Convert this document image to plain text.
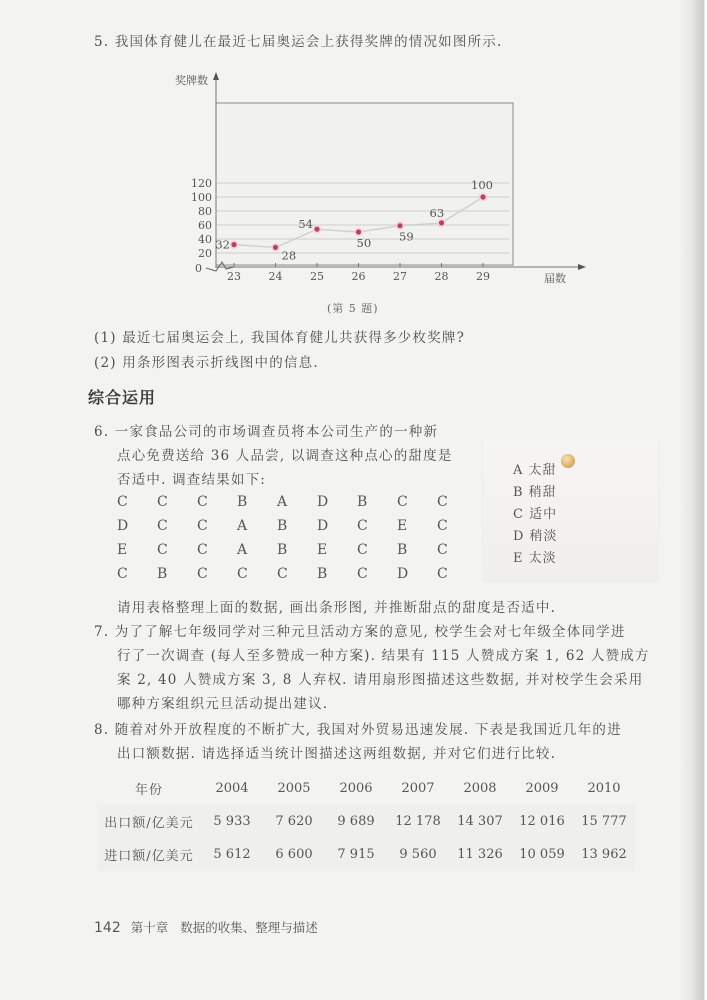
5. 我国体育健儿在最近七届奥运会上获得奖牌的情况如图所示.
0
20
40
60
80
100
120
23	24	25	26	27	28	29
32
28
54
50 59
63
100
奖牌数
届数
(第 5 题)
(1) 最近七届奥运会上, 我国体育健儿共获得多少枚奖牌?
(2) 用条形图表示折线图中的信息.
综合运用
6. 一家食品公司的市场调查员将本公司生产的一种新
点心免费送给 36 人品尝, 以调查这种点心的甜度是
否适中. 调查结果如下:
C	C	C	B	A	D	B	C	C
D	C	C	A	B	D	C	E	C
E	C	C	A	B	E	C	B	C
C	B	C	C	C	B	C	D	C
A 太甜
B 稍甜
C 适中
D 稍淡
E 太淡
请用表格整理上面的数据, 画出条形图, 并推断甜点的甜度是否适中.
7. 为了了解七年级同学对三种元旦活动方案的意见, 校学生会对七年级全体同学进
行了一次调查 (每人至多赞成一种方案). 结果有 115 人赞成方案 1, 62 人赞成方
案 2, 40 人赞成方案 3, 8 人弃权. 请用扇形图描述这些数据, 并对校学生会采用
哪种方案组织元旦活动提出建议.
8. 随着对外开放程度的不断扩大, 我国对外贸易迅速发展. 下表是我国近几年的进
出口额数据. 请选择适当统计图描述这两组数据, 并对它们进行比较.
年份	2004	2005	2006	2007	2008	2009	2010
出口额/亿美元	5 933	7 620	9 689	12 178	14 307	12 016	15 777
进口额/亿美元	5 612	6 600	7 915	9 560	11 326	10 059	13 962
142 第十章 数据的收集、整理与描述
